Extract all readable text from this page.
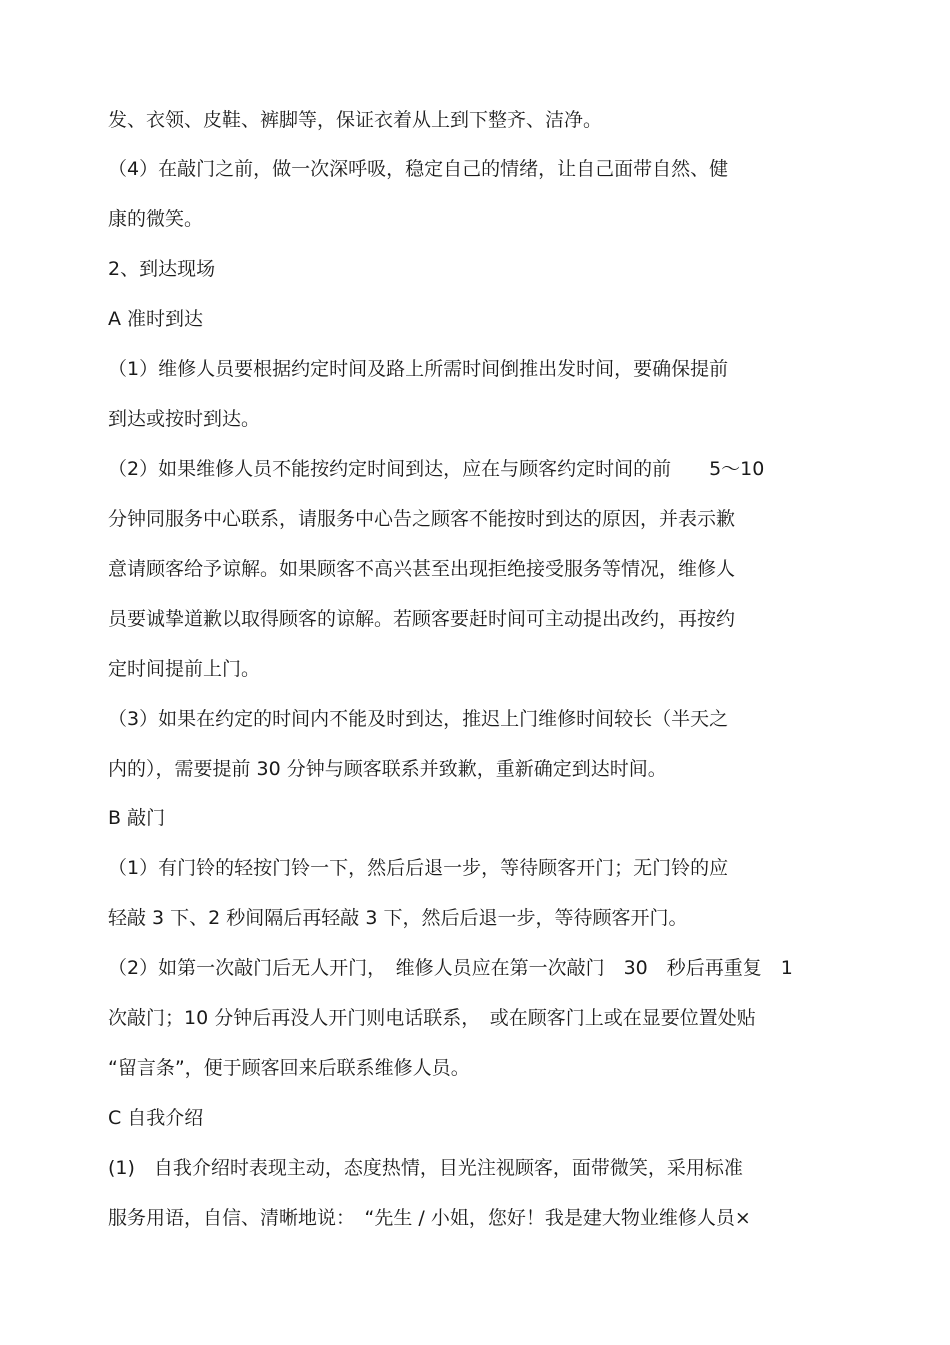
发、衣领、皮鞋、裤脚等，保证衣着从上到下整齐、洁净。

（4）在敲门之前，做一次深呼吸，稳定自己的情绪，让自己面带自然、健

康的微笑。

2、到达现场

A 准时到达

（1）维修人员要根据约定时间及路上所需时间倒推出发时间，要确保提前

到达或按时到达。

（2）如果维修人员不能按约定时间到达，应在与顾客约定时间的前　　5～10

分钟同服务中心联系，请服务中心告之顾客不能按时到达的原因，并表示歉

意请顾客给予谅解。如果顾客不高兴甚至出现拒绝接受服务等情况，维修人

员要诚挚道歉以取得顾客的谅解。若顾客要赶时间可主动提出改约，再按约

定时间提前上门。

（3）如果在约定的时间内不能及时到达，推迟上门维修时间较长（半天之

内的），需要提前 30 分钟与顾客联系并致歉，重新确定到达时间。

B 敲门

（1）有门铃的轻按门铃一下，然后后退一步，等待顾客开门；无门铃的应

轻敲 3 下、2 秒间隔后再轻敲 3 下，然后后退一步，等待顾客开门。

（2）如第一次敲门后无人开门，　维修人员应在第一次敲门　30　秒后再重复　1

次敲门；10 分钟后再没人开门则电话联系，　或在顾客门上或在显要位置处贴

“留言条”，便于顾客回来后联系维修人员。

C 自我介绍

(1)　自我介绍时表现主动，态度热情，目光注视顾客，面带微笑，采用标准

服务用语，自信、清晰地说：　“先生 / 小姐，您好！我是建大物业维修人员×
